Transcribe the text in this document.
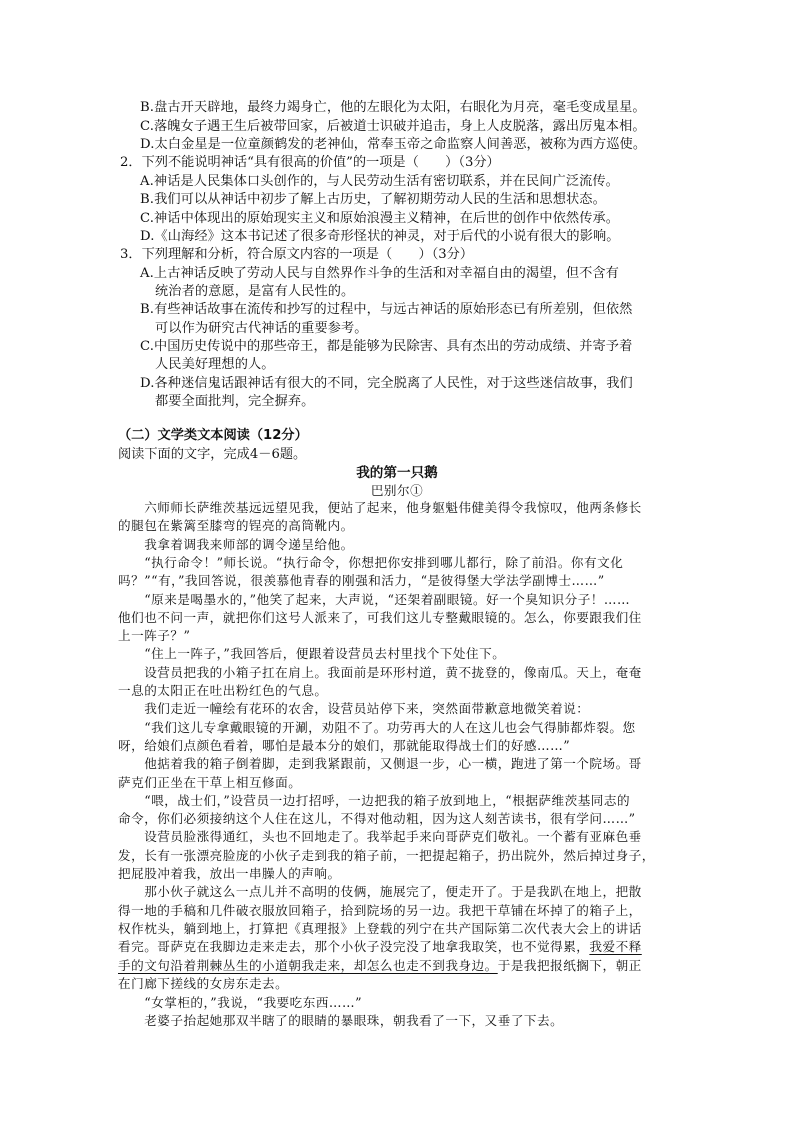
B.盘古开天辟地，最终力竭身亡，他的左眼化为太阳，右眼化为月亮，毫毛变成星星。
C.落魄女子遇王生后被带回家，后被道士识破并追击，身上人皮脱落，露出厉鬼本相。
D.太白金星是一位童颜鹤发的老神仙，常奉玉帝之命监察人间善恶，被称为西方巡使。
2．下列不能说明神话“具有很高的价值”的一项是（　　）（3分）
A.神话是人民集体口头创作的，与人民劳动生活有密切联系，并在民间广泛流传。
B.我们可以从神话中初步了解上古历史，了解初期劳动人民的生活和思想状态。
C.神话中体现出的原始现实主义和原始浪漫主义精神，在后世的创作中依然传承。
D.《山海经》这本书记述了很多奇形怪状的神灵，对于后代的小说有很大的影响。
3．下列理解和分析，符合原文内容的一项是（　　）（3分）
A.上古神话反映了劳动人民与自然界作斗争的生活和对幸福自由的渴望，但不含有
统治者的意愿，是富有人民性的。
B.有些神话故事在流传和抄写的过程中，与远古神话的原始形态已有所差别，但依然
可以作为研究古代神话的重要参考。
C.中国历史传说中的那些帝王，都是能够为民除害、具有杰出的劳动成绩、并寄予着
人民美好理想的人。
D.各种迷信鬼话跟神话有很大的不同，完全脱离了人民性，对于这些迷信故事，我们
都要全面批判，完全摒弃。
（二）文学类文本阅读（12分）
阅读下面的文字，完成4－6题。
我的第一只鹅
巴别尔①
　　六师师长萨维茨基远远望见我，便站了起来，他身躯魁伟健美得令我惊叹，他两条修长
的腿包在紫篱至膝弯的锃亮的高筒靴内。
　　我拿着调我来师部的调令递呈给他。
　　“执行命令！”师长说。“执行命令，你想把你安排到哪儿都行，除了前沿。你有文化
吗？”“有，”我回答说，很羡慕他青春的刚强和活力，“是彼得堡大学法学副博士……”
　　“原来是喝墨水的，”他笑了起来，大声说，“还架着副眼镜。好一个臭知识分子！……
他们也不问一声，就把你们这号人派来了，可我们这儿专整戴眼镜的。怎么，你要跟我们住
上一阵子？”
　　“住上一阵子，”我回答后，便跟着设营员去村里找个下处住下。
　　设营员把我的小箱子扛在肩上。我面前是环形村道，黄不拢登的，像南瓜。天上，奄奄
一息的太阳正在吐出粉红色的气息。
　　我们走近一幢绘有花环的农舍，设营员站停下来，突然面带歉意地微笑着说：
　　“我们这儿专拿戴眼镜的开涮，劝阻不了。功劳再大的人在这儿也会气得肺都炸裂。您
呀，给娘们点颜色看着，哪怕是最本分的娘们，那就能取得战士们的好感……”
　　他掂着我的箱子倒着脚，走到我紧跟前，又侧退一步，心一横，跑进了第一个院场。哥
萨克们正坐在干草上相互修面。
　　“喂，战士们，”设营员一边打招呼，一边把我的箱子放到地上，“根据萨维茨基同志的
命令，你们必须接纳这个人住在这儿，不得对他动粗，因为这人刻苦读书，很有学问……”
　　设营员脸涨得通红，头也不回地走了。我举起手来向哥萨克们敬礼。一个蓄有亚麻色垂
发，长有一张漂亮脸庞的小伙子走到我的箱子前，一把提起箱子，扔出院外，然后掉过身子，
把屁股冲着我，放出一串臊人的声响。
　　那小伙子就这么一点儿并不高明的伎俩，施展完了，便走开了。于是我趴在地上，把散
得一地的手稿和几件破衣服放回箱子，拾到院场的另一边。我把干草铺在坏掉了的箱子上，
权作枕头，躺到地上，打算把《真理报》上登载的列宁在共产国际第二次代表大会上的讲话
看完。哥萨克在我脚边走来走去，那个小伙子没完没了地拿我取笑，也不觉得累，我爱不释
手的文句沿着荆棘丛生的小道朝我走来，却怎么也走不到我身边。于是我把报纸搁下，朝正
在门廊下搓线的女房东走去。
　　“女掌柜的，”我说，“我要吃东西……”
　　老婆子抬起她那双半瞎了的眼睛的暴眼珠，朝我看了一下，又垂了下去。
